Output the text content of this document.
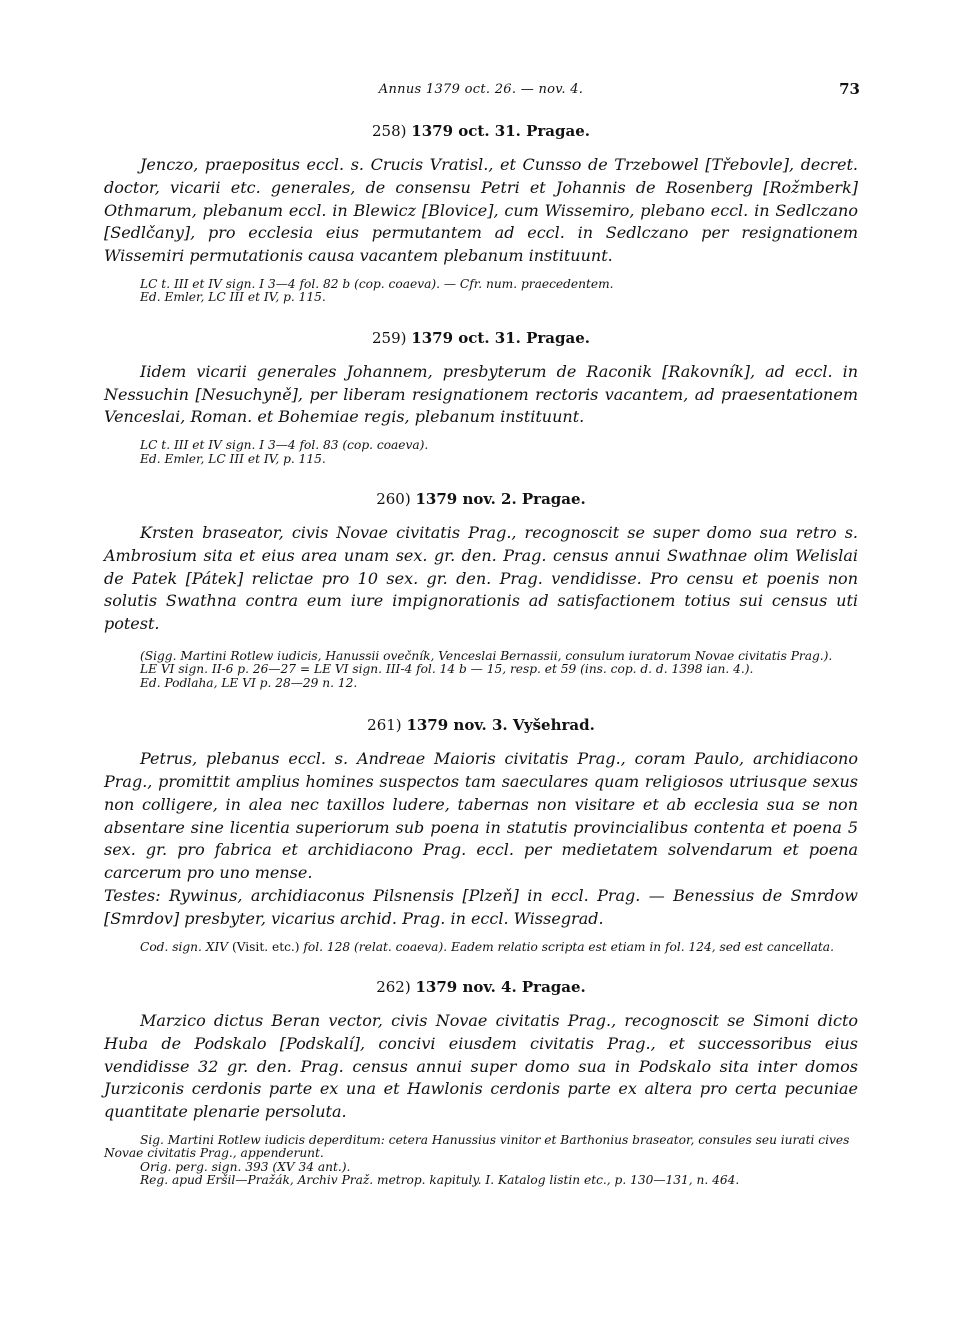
Annus 1379 oct. 26. — nov. 4.	73
258) 1379 oct. 31. Pragae.

Jenczo, praepositus eccl. s. Crucis Vratisl., et Cunsso de Trzebowel [Třebovle], decret. doctor, vicarii etc. generales, de consensu Petri et Johannis de Rosenberg [Rožmberk] Othmarum, plebanum eccl. in Blewicz [Blovice], cum Wissemiro, plebano eccl. in Sedlczano [Sedlčany], pro ecclesia eius permutantem ad eccl. in Sedlczano per resignationem Wissemiri permutationis causa vacantem plebanum instituunt.

LC t. III et IV sign. I 3—4 fol. 82 b (cop. coaeva). — Cfr. num. praecedentem.

Ed. Emler, LC III et IV, p. 115.

259) 1379 oct. 31. Pragae.

Iidem vicarii generales Johannem, presbyterum de Raconik [Rakovník], ad eccl. in Nessuchin [Nesuchyně], per liberam resignationem rectoris vacantem, ad praesentationem Venceslai, Roman. et Bohemiae regis, plebanum instituunt.

LC t. III et IV sign. I 3—4 fol. 83 (cop. coaeva).

Ed. Emler, LC III et IV, p. 115.

260) 1379 nov. 2. Pragae.

Krsten braseator, civis Novae civitatis Prag., recognoscit se super domo sua retro s. Ambrosium sita et eius area unam sex. gr. den. Prag. census annui Swathnae olim Welislai de Patek [Pátek] relictae pro 10 sex. gr. den. Prag. vendidisse. Pro censu et poenis non solutis Swathna contra eum iure impignorationis ad satisfactionem totius sui census uti potest.

(Sigg. Martini Rotlew iudicis, Hanussii ovečník, Venceslai Bernassii, consulum iuratorum Novae civitatis Prag.).

LE VI sign. II-6 p. 26—27 = LE VI sign. III-4 fol. 14 b — 15, resp. et 59 (ins. cop. d. d. 1398 ian. 4.).

Ed. Podlaha, LE VI p. 28—29 n. 12.

261) 1379 nov. 3. Vyšehrad.

Petrus, plebanus eccl. s. Andreae Maioris civitatis Prag., coram Paulo, archidiacono Prag., promittit amplius homines suspectos tam saeculares quam religiosos utriusque sexus non colligere, in alea nec taxillos ludere, tabernas non visitare et ab ecclesia sua se non absentare sine licentia superiorum sub poena in statutis provincialibus contenta et poena 5 sex. gr. pro fabrica et archidiacono Prag. eccl. per medietatem solvendarum et poena carcerum pro uno mense.

Testes: Rywinus, archidiaconus Pilsnensis [Plzeň] in eccl. Prag. — Benessius de Smrdow [Smrdov] presbyter, vicarius archid. Prag. in eccl. Wissegrad.

Cod. sign. XIV (Visit. etc.) fol. 128 (relat. coaeva). Eadem relatio scripta est etiam in fol. 124, sed est cancellata.

262) 1379 nov. 4. Pragae.

Marzico dictus Beran vector, civis Novae civitatis Prag., recognoscit se Simoni dicto Huba de Podskalo [Podskalí], concivi eiusdem civitatis Prag., et successoribus eius vendidisse 32 gr. den. Prag. census annui super domo sua in Podskalo sita inter domos Jurziconis cerdonis parte ex una et Hawlonis cerdonis parte ex altera pro certa pecuniae quantitate plenarie persoluta.

Sig. Martini Rotlew iudicis deperditum: cetera Hanussius vinitor et Barthonius braseator, consules seu iurati cives Novae civitatis Prag., appenderunt.

Orig. perg. sign. 393 (XV 34 ant.).

Reg. apud Eršil—Pražák, Archiv Praž. metrop. kapituly. I. Katalog listin etc., p. 130—131, n. 464.
